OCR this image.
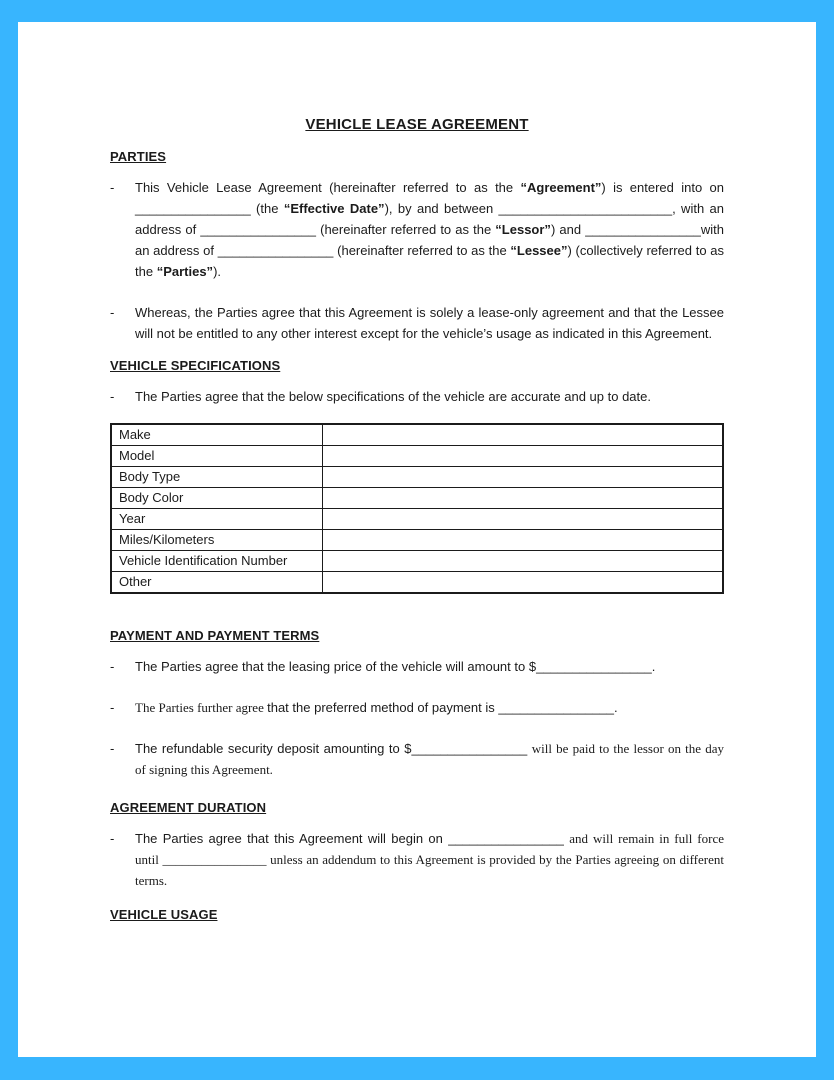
VEHICLE LEASE AGREEMENT
PARTIES
-	This Vehicle Lease Agreement (hereinafter referred to as the “Agreement”) is entered into on ________________ (the “Effective Date”), by and between ________________________, with an address of ________________ (hereinafter referred to as the “Lessor”) and ________________with an address of ________________ (hereinafter referred to as the “Lessee”) (collectively referred to as the “Parties”).
-	Whereas, the Parties agree that this Agreement is solely a lease-only agreement and that the Lessee will not be entitled to any other interest except for the vehicle’s usage as indicated in this Agreement.
VEHICLE SPECIFICATIONS
-	The Parties agree that the below specifications of the vehicle are accurate and up to date.
Make	
Model	
Body Type	
Body Color	
Year	
Miles/Kilometers	
Vehicle Identification Number	
Other	
PAYMENT AND PAYMENT TERMS
-	The Parties agree that the leasing price of the vehicle will amount to $________________.
-	The Parties further agree that the preferred method of payment is ________________.
-	The refundable security deposit amounting to $________________ will be paid to the lessor on the day of signing this Agreement.
AGREEMENT DURATION
-	The Parties agree that this Agreement will begin on ________________ and will remain in full force until ________________ unless an addendum to this Agreement is provided by the Parties agreeing on different terms.
VEHICLE USAGE
